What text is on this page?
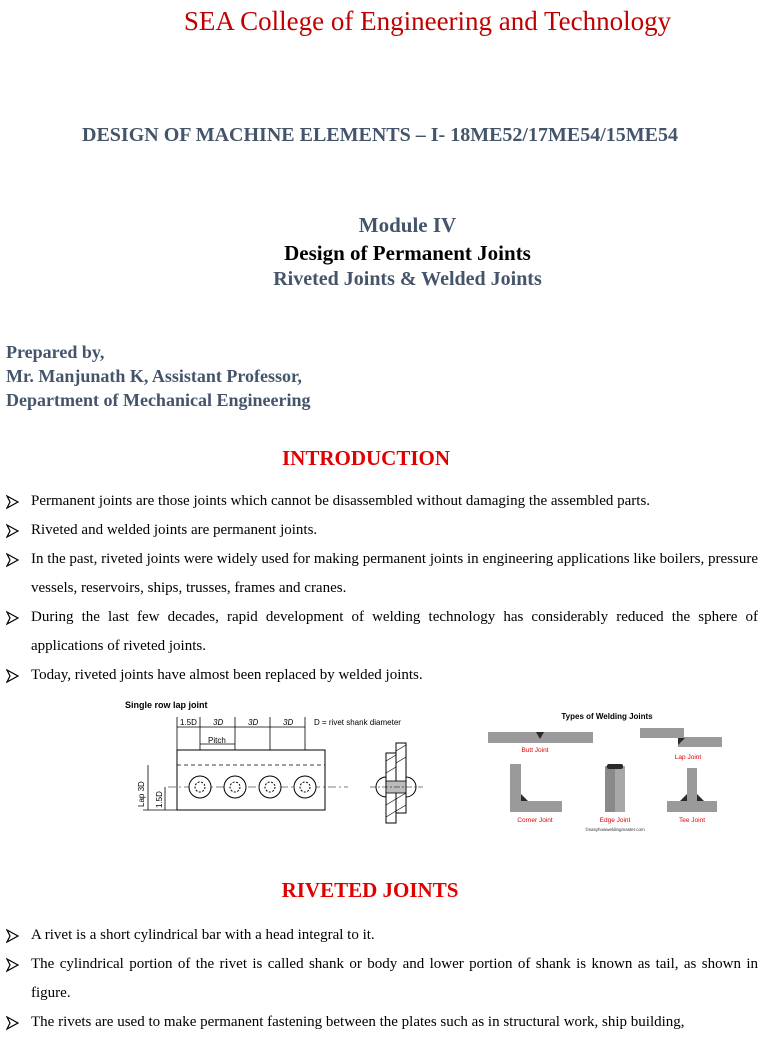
SEA College of Engineering and Technology
DESIGN OF MACHINE ELEMENTS – I- 18ME52/17ME54/15ME54
Module IV
Design of Permanent Joints
Riveted Joints & Welded Joints
Prepared by,
Mr. Manjunath K, Assistant Professor,
Department of Mechanical Engineering
INTRODUCTION
Permanent joints are those joints which cannot be disassembled without damaging the assembled parts.
Riveted and welded joints are permanent joints.
In the past, riveted joints were widely used for making permanent joints in engineering applications like boilers, pressure vessels, reservoirs, ships, trusses, frames and cranes.
During the last few decades, rapid development of welding technology has considerably reduced the sphere of applications of riveted joints.
Today, riveted joints have almost been replaced by welded joints.
Single row lap joint
1.5D 3D	3D	3D	D = rivet shank diameter
Pitch
Lap 3D 1.5D
Types of Welding Joints
Butt Joint
Lap Joint
Corner Joint	Edge Joint	Tee Joint
©easyhowweldingmaster.com
RIVETED JOINTS
A rivet is a short cylindrical bar with a head integral to it.
The cylindrical portion of the rivet is called shank or body and lower portion of shank is known as tail, as shown in figure.
The rivets are used to make permanent fastening between the plates such as in structural work, ship building,
